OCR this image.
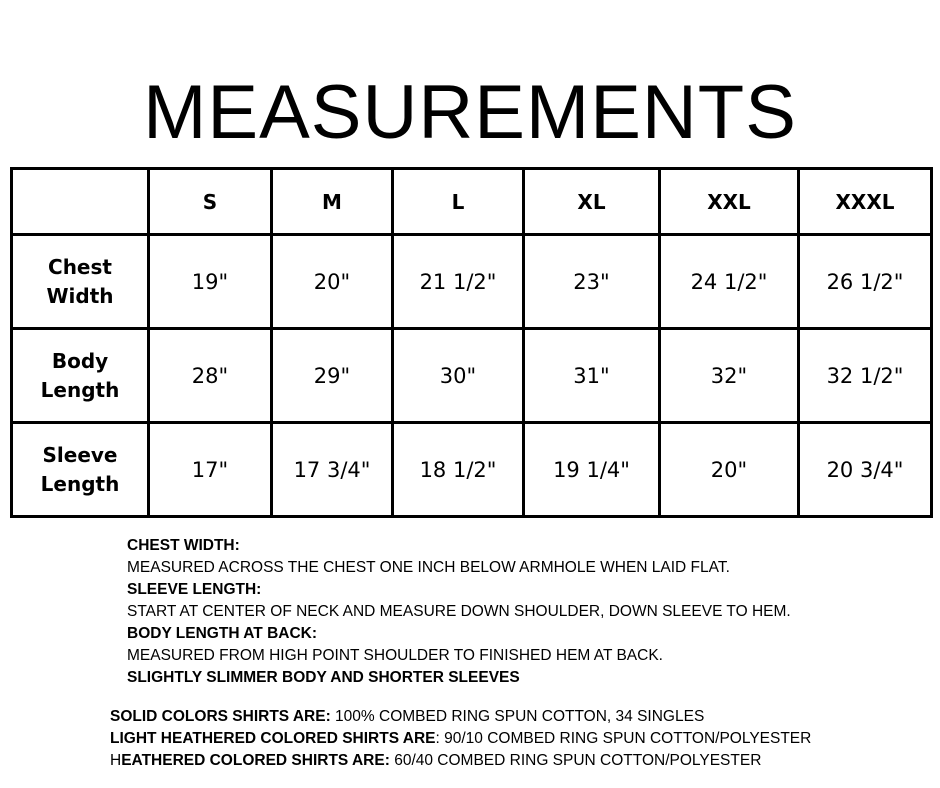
MEASUREMENTS
	S	M	L	XL	XXL	XXXL
Chest
Width	19"	20"	21 1/2"	23"	24 1/2"	26 1/2"
Body
Length	28"	29"	30"	31"	32"	32 1/2"
Sleeve
Length	17"	17 3/4"	18 1/2"	19 1/4"	20"	20 3/4"
CHEST WIDTH:
MEASURED ACROSS THE CHEST ONE INCH BELOW ARMHOLE WHEN LAID FLAT.
SLEEVE LENGTH:
START AT CENTER OF NECK AND MEASURE DOWN SHOULDER, DOWN SLEEVE TO HEM.
BODY LENGTH AT BACK:
MEASURED FROM HIGH POINT SHOULDER TO FINISHED HEM AT BACK.
SLIGHTLY SLIMMER BODY AND SHORTER SLEEVES
SOLID COLORS SHIRTS ARE: 100% COMBED RING SPUN COTTON, 34 SINGLES
LIGHT HEATHERED COLORED SHIRTS ARE: 90/10 COMBED RING SPUN COTTON/POLYESTER
HEATHERED COLORED SHIRTS ARE: 60/40 COMBED RING SPUN COTTON/POLYESTER
